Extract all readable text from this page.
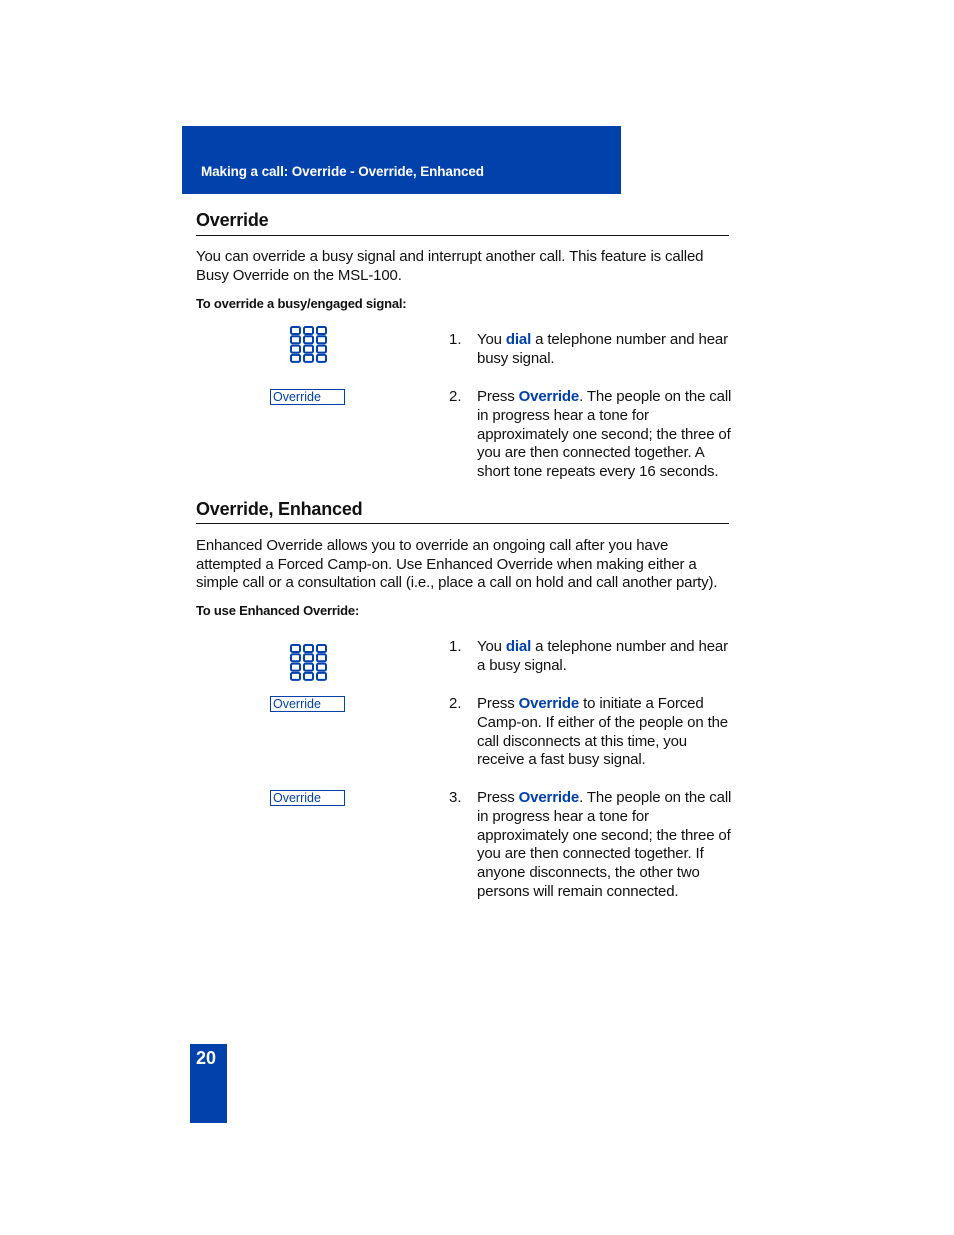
Making a call: Override - Override, Enhanced
Override
You can override a busy signal and interrupt another call. This feature is called Busy Override on the MSL-100.
To override a busy/engaged signal:
1. You dial a telephone number and hear busy signal.
Override	2. Press Override. The people on the call in progress hear a tone for approximately one second; the three of you are then connected together. A short tone repeats every 16 seconds.
Override, Enhanced
Enhanced Override allows you to override an ongoing call after you have attempted a Forced Camp-on. Use Enhanced Override when making either a simple call or a consultation call (i.e., place a call on hold and call another party).
To use Enhanced Override:
1. You dial a telephone number and hear a busy signal.
Override	2. Press Override to initiate a Forced Camp-on. If either of the people on the call disconnects at this time, you receive a fast busy signal.
Override	3. Press Override. The people on the call in progress hear a tone for approximately one second; the three of you are then connected together. If anyone disconnects, the other two persons will remain connected.
20
